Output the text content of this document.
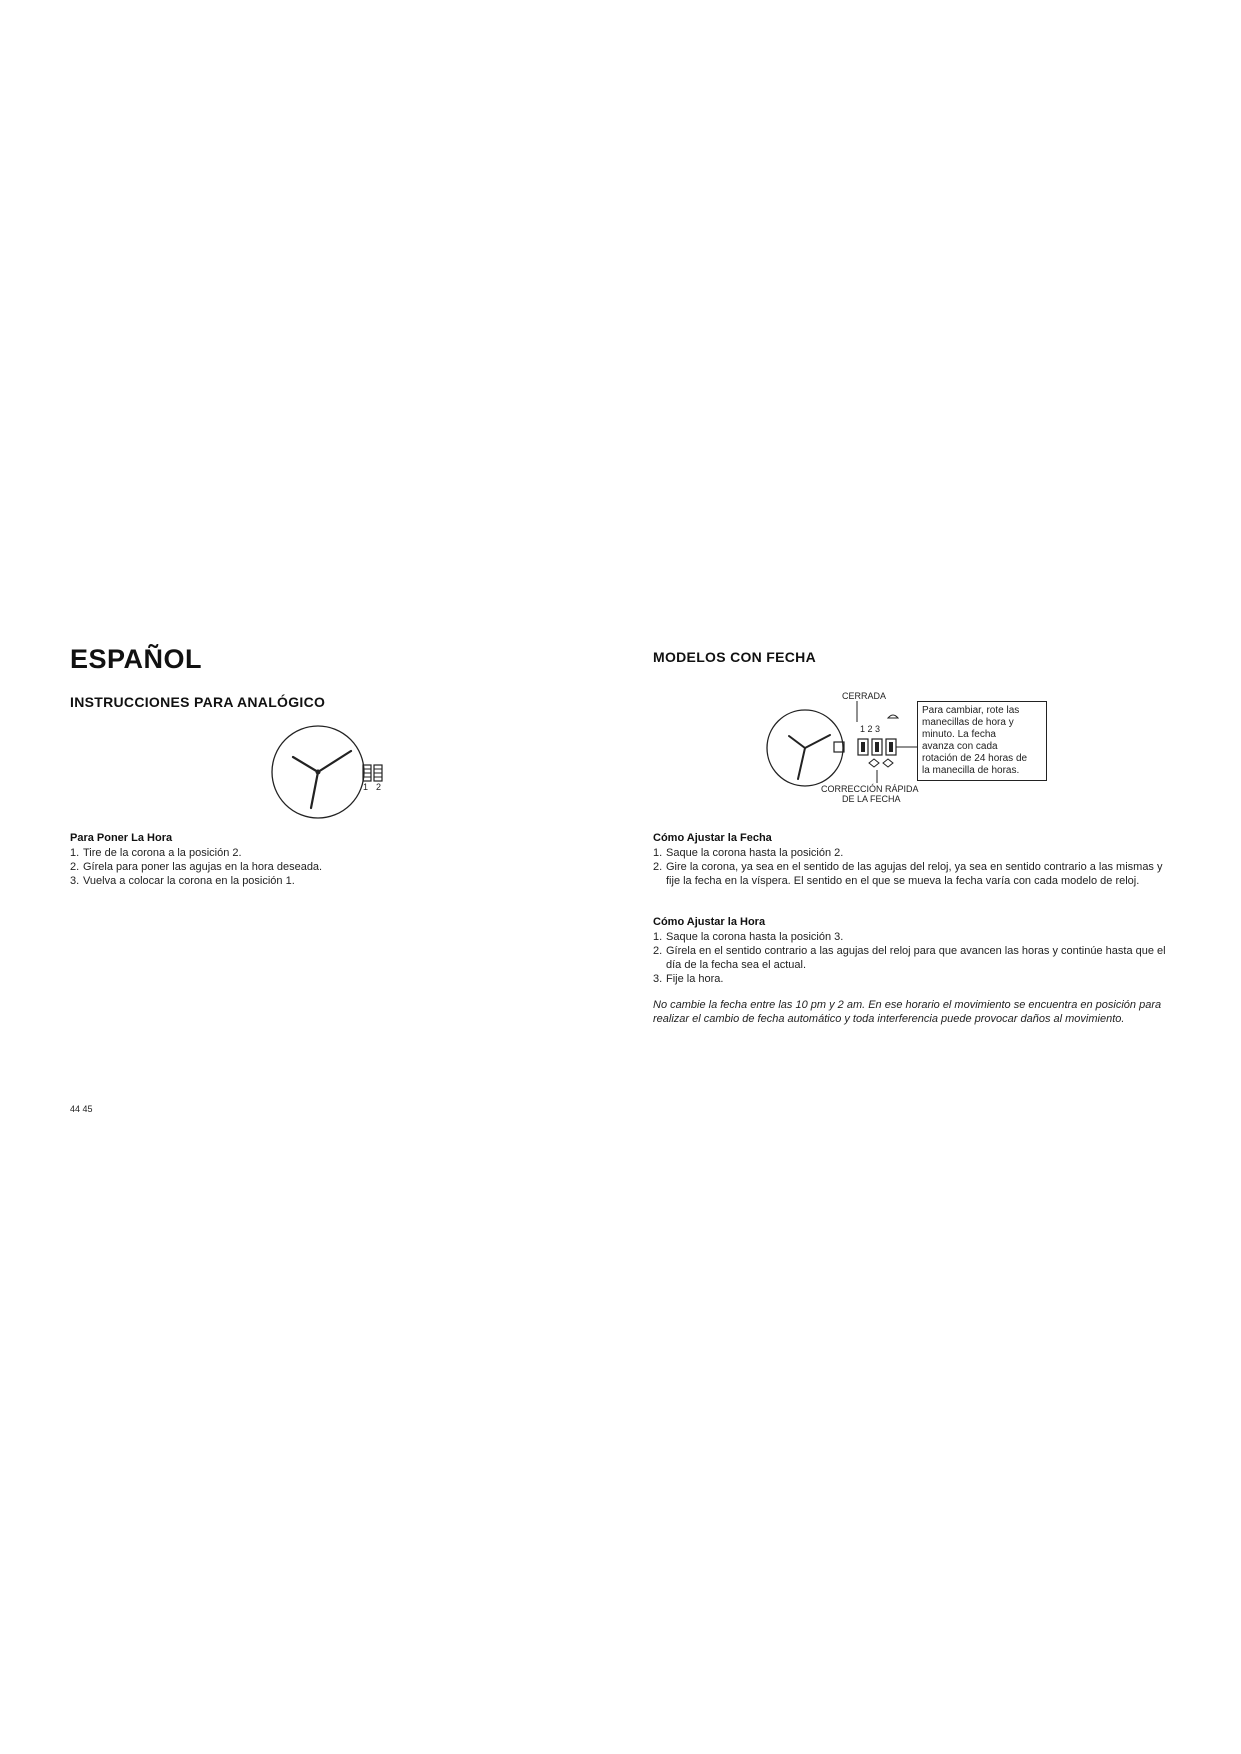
ESPAÑOL
INSTRUCCIONES PARA ANALÓGICO
1 2
Para Poner La Hora
1. Tire de la corona a la posición 2.
2. Gírela para poner las agujas en la hora deseada.
3. Vuelva a colocar la corona en la posición 1.
44 45
MODELOS CON FECHA
CERRADA
1 2 3
CORRECCIÓN RÁPIDA
DE LA FECHA
Para cambiar, rote las
manecillas de hora y
minuto. La fecha
avanza con cada
rotación de 24 horas de
la manecilla de horas.
Cómo Ajustar la Fecha
1. Saque la corona hasta la posición 2.
2. Gire la corona, ya sea en el sentido de las agujas del reloj, ya sea en sentido contrario a las mismas y fije la fecha en la víspera. El sentido en el que se mueva la fecha varía con cada modelo de reloj.
Cómo Ajustar la Hora
1. Saque la corona hasta la posición 3.
2. Gírela en el sentido contrario a las agujas del reloj para que avancen las horas y continúe hasta que el día de la fecha sea el actual.
3. Fije la hora.

No cambie la fecha entre las 10 pm y 2 am. En ese horario el movimiento se encuentra en posición para realizar el cambio de fecha automático y toda interferencia puede provocar daños al movimiento.
